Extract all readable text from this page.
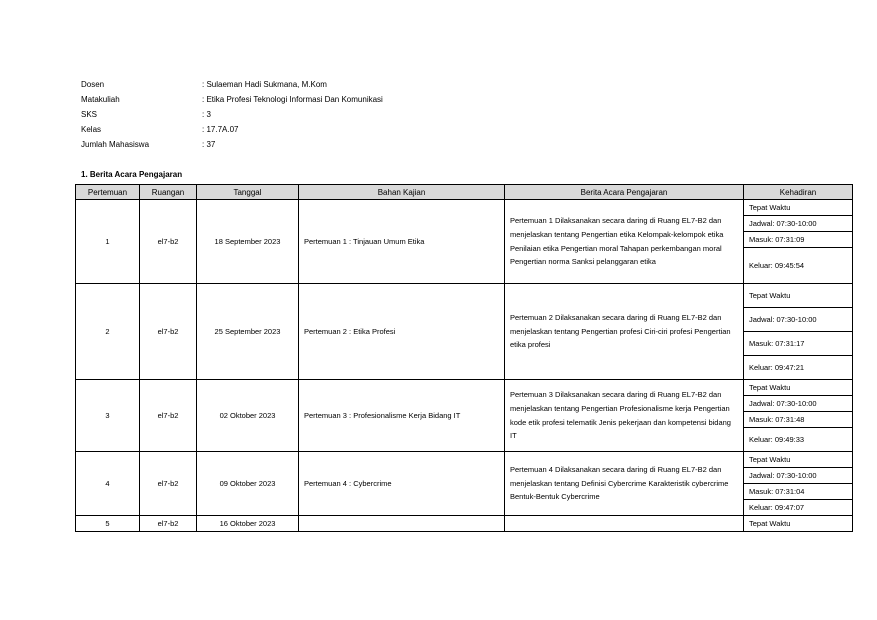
Dosen	: Sulaeman Hadi Sukmana, M.Kom
Matakuliah	: Etika Profesi Teknologi Informasi Dan Komunikasi
SKS	: 3
Kelas	: 17.7A.07
Jumlah Mahasiswa	: 37
1. Berita Acara Pengajaran
Pertemuan	Ruangan	Tanggal	Bahan Kajian	Berita Acara Pengajaran	Kehadiran
1	el7-b2	18 September 2023	Pertemuan 1 : Tinjauan Umum Etika	Pertemuan 1 Dilaksanakan secara daring di Ruang EL7-B2 dan menjelaskan tentang Pengertian etika Kelompak-kelompok etika Penilaian etika Pengertian moral Tahapan perkembangan moral Pengertian norma Sanksi pelanggaran etika	Tepat Waktu
					Jadwal: 07:30-10:00
					Masuk: 07:31:09
					Keluar: 09:45:54
2	el7-b2	25 September 2023	Pertemuan 2 : Etika Profesi	Pertemuan 2 Dilaksanakan secara daring di Ruang EL7-B2 dan menjelaskan tentang Pengertian profesi Ciri-ciri profesi Pengertian etika profesi	Tepat Waktu
					Jadwal: 07:30-10:00
					Masuk: 07:31:17
					Keluar: 09:47:21
3	el7-b2	02 Oktober 2023	Pertemuan 3 : Profesionalisme Kerja Bidang IT	Pertemuan 3 Dilaksanakan secara daring di Ruang EL7-B2 dan menjelaskan tentang Pengertian Profesionalisme kerja Pengertian kode etik profesi telematik Jenis pekerjaan dan kompetensi bidang IT	Tepat Waktu
					Jadwal: 07:30-10:00
					Masuk: 07:31:48
					Keluar: 09:49:33
4	el7-b2	09 Oktober 2023	Pertemuan 4 : Cybercrime	Pertemuan 4 Dilaksanakan secara daring di Ruang EL7-B2 dan menjelaskan tentang Definisi Cybercrime Karakteristik cybercrime Bentuk-Bentuk Cybercrime	Tepat Waktu
					Jadwal: 07:30-10:00
					Masuk: 07:31:04
					Keluar: 09:47:07
5	el7-b2	16 Oktober 2023			Tepat Waktu
